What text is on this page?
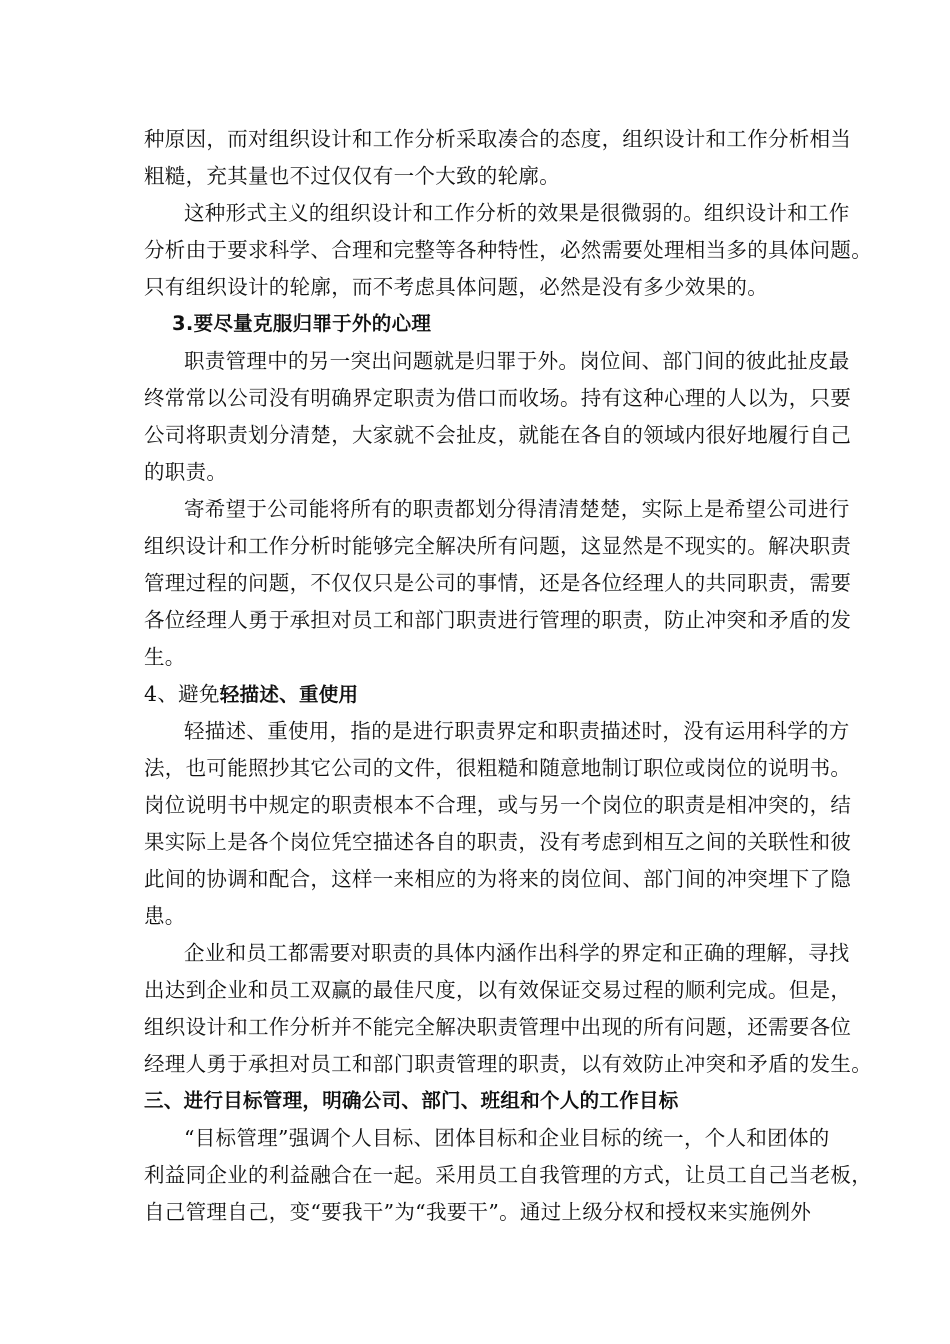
种原因，而对组织设计和工作分析采取凑合的态度，组织设计和工作分析相当
粗糙，充其量也不过仅仅有一个大致的轮廓。
这种形式主义的组织设计和工作分析的效果是很微弱的。组织设计和工作
分析由于要求科学、合理和完整等各种特性，必然需要处理相当多的具体问题。
只有组织设计的轮廓，而不考虑具体问题，必然是没有多少效果的。
3.要尽量克服归罪于外的心理
职责管理中的另一突出问题就是归罪于外。岗位间、部门间的彼此扯皮最
终常常以公司没有明确界定职责为借口而收场。持有这种心理的人以为，只要
公司将职责划分清楚，大家就不会扯皮，就能在各自的领域内很好地履行自己
的职责。
寄希望于公司能将所有的职责都划分得清清楚楚，实际上是希望公司进行
组织设计和工作分析时能够完全解决所有问题，这显然是不现实的。解决职责
管理过程的问题，不仅仅只是公司的事情，还是各位经理人的共同职责，需要
各位经理人勇于承担对员工和部门职责进行管理的职责，防止冲突和矛盾的发
生。
4、避免轻描述、重使用
轻描述、重使用，指的是进行职责界定和职责描述时，没有运用科学的方
法，也可能照抄其它公司的文件，很粗糙和随意地制订职位或岗位的说明书。
岗位说明书中规定的职责根本不合理，或与另一个岗位的职责是相冲突的，结
果实际上是各个岗位凭空描述各自的职责，没有考虑到相互之间的关联性和彼
此间的协调和配合，这样一来相应的为将来的岗位间、部门间的冲突埋下了隐
患。
企业和员工都需要对职责的具体内涵作出科学的界定和正确的理解，寻找
出达到企业和员工双赢的最佳尺度，以有效保证交易过程的顺利完成。但是，
组织设计和工作分析并不能完全解决职责管理中出现的所有问题，还需要各位
经理人勇于承担对员工和部门职责管理的职责，以有效防止冲突和矛盾的发生。
三、进行目标管理，明确公司、部门、班组和个人的工作目标
“目标管理”强调个人目标、团体目标和企业目标的统一，个人和团体的
利益同企业的利益融合在一起。采用员工自我管理的方式，让员工自己当老板，
自己管理自己，变“要我干”为“我要干”。通过上级分权和授权来实施例外
